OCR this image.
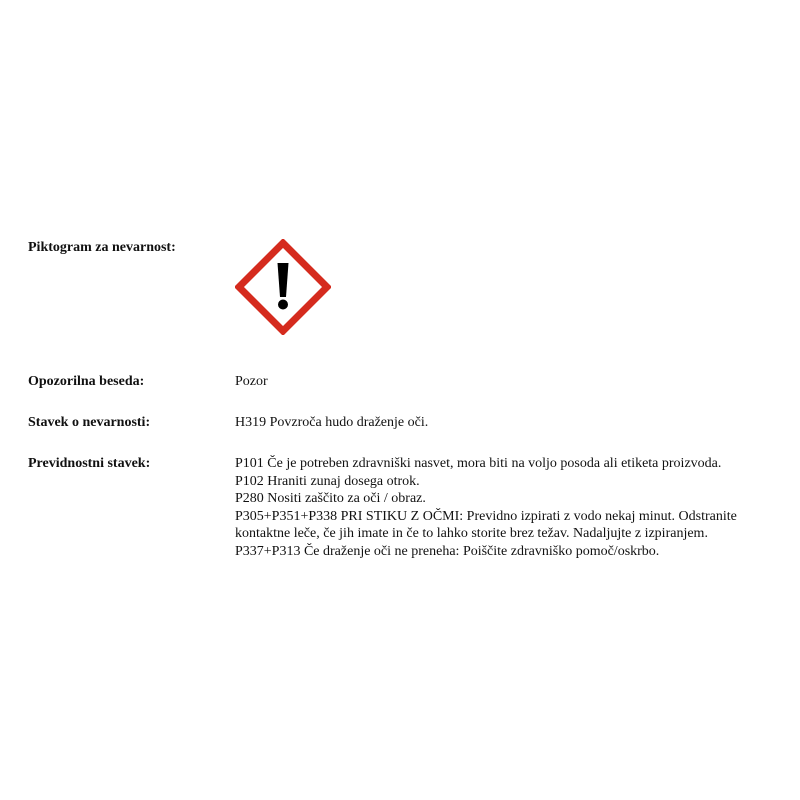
Piktogram za nevarnost:
Opozorilna beseda:	Pozor
Stavek o nevarnosti:	H319 Povzroča hudo draženje oči.
Previdnostni stavek:	P101 Če je potreben zdravniški nasvet, mora biti na voljo posoda ali etiketa proizvoda.
P102 Hraniti zunaj dosega otrok.
P280 Nositi zaščito za oči / obraz.
P305+P351+P338 PRI STIKU Z OČMI: Previdno izpirati z vodo nekaj minut. Odstranite
kontaktne leče, če jih imate in če to lahko storite brez težav. Nadaljujte z izpiranjem.
P337+P313 Če draženje oči ne preneha: Poiščite zdravniško pomoč/oskrbo.
